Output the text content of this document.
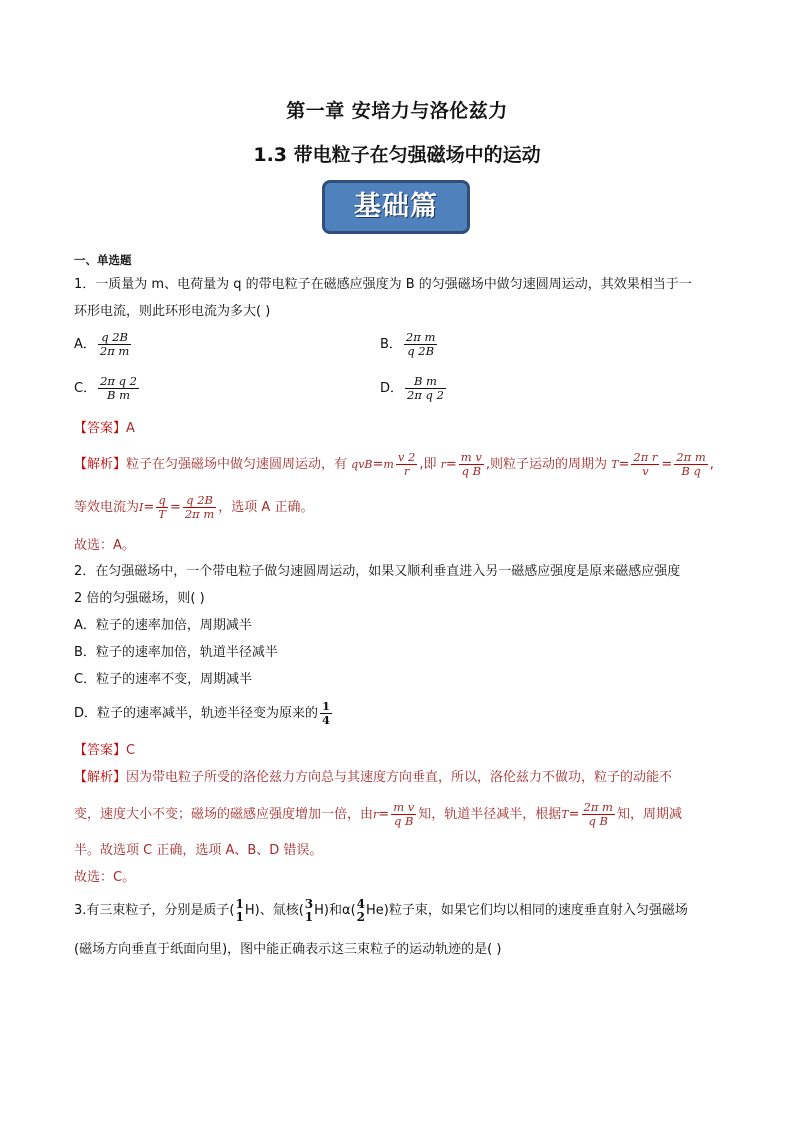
第一章 安培力与洛伦兹力
1.3 带电粒子在匀强磁场中的运动
基础篇
一、单选题
1．一质量为 m、电荷量为 q 的带电粒子在磁感应强度为 B 的匀强磁场中做匀速圆周运动，其效果相当于一
环形电流，则此环形电流为多大( )
A． $\frac{q 2B}{\text{2π m}}$	B． $\frac{\text{2π m}}{q 2B}$
C． $\frac{\text{2π q 2}}{\text{B m}}$	D． $\frac{\text{B m}}{\text{2π q 2}}$
【答案】A
【解析】粒子在匀强磁场中做匀速圆周运动，有 $qvB=m \frac{v 2}{r}$ ,即 $r= \frac{\text{m v}}{\text{q B}}$ ,则粒子运动的周期为 $T= \frac{\text{2π r}}{v} = \frac{\text{2π m}}{\text{B q}}$ ,
等效电流为$I= \frac{q}{T} = \frac{q 2B}{\text{2π m}}$ ，选项 A 正确。
故选：A。
2．在匀强磁场中，一个带电粒子做匀速圆周运动，如果又顺利垂直进入另一磁感应强度是原来磁感应强度
2 倍的匀强磁场，则( )
A．粒子的速率加倍，周期减半
B．粒子的速率加倍，轨道半径减半
C．粒子的速率不变，周期减半
D．粒子的速率减半，轨迹半径变为原来的 $\frac{1}{4}$
【答案】C
【解析】因为带电粒子所受的洛伦兹力方向总与其速度方向垂直，所以，洛伦兹力不做功，粒子的动能不
变，速度大小不变；磁场的磁感应强度增加一倍，由$r= \frac{\text{m v}}{\text{q B}}$ 知，轨道半径减半，根据$T= \frac{\text{2π m}}{\text{q B}}$ 知，周期减
半。故选项 C 正确，选项 A、B、D 错误。
故选：C。
3.有三束粒子，分别是质子( 1
1 H)、氚核( 3
1 H)和α( 4
2 He)粒子束，如果它们均以相同的速度垂直射入匀强磁场
(磁场方向垂直于纸面向里)，图中能正确表示这三束粒子的运动轨迹的是( )
